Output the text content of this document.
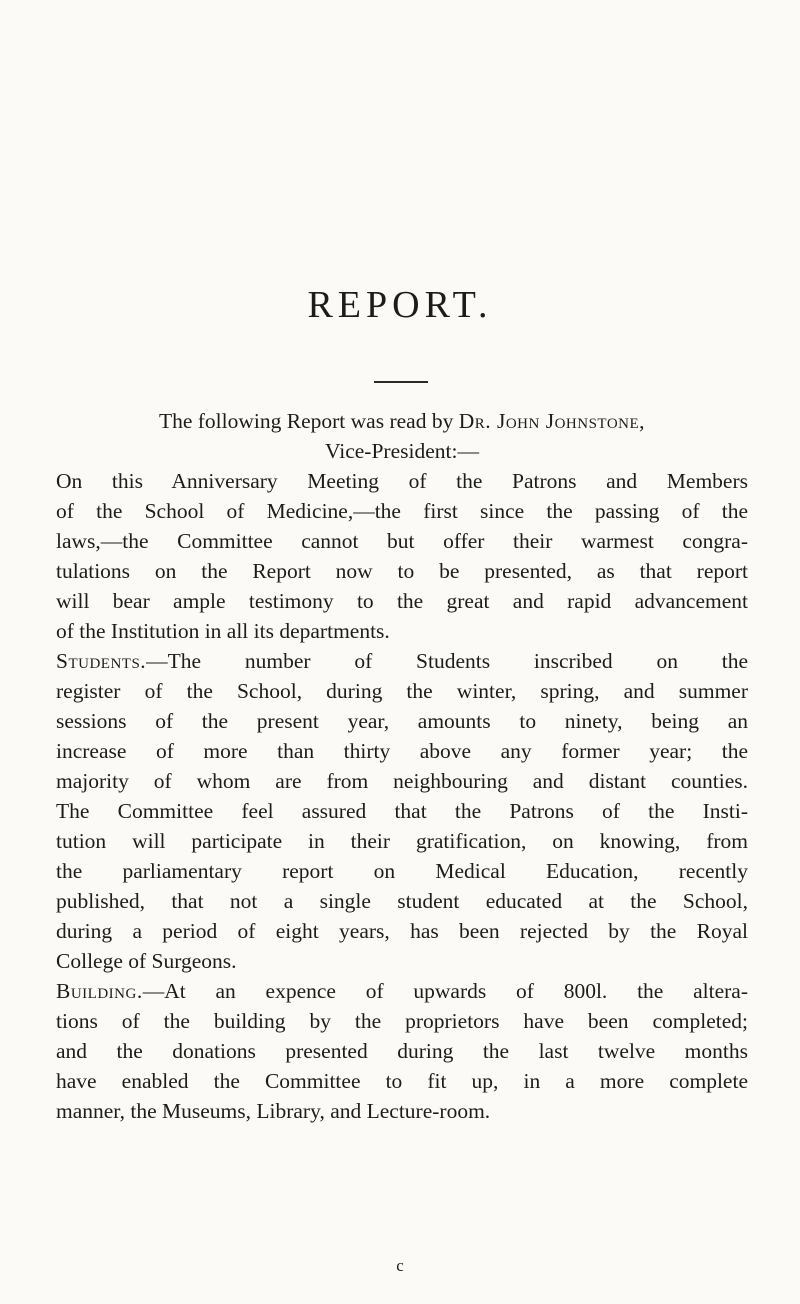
REPORT.
The following Report was read by Dr. John Johnstone,
Vice-President:—
On this Anniversary Meeting of the Patrons and Members
of the School of Medicine,—the first since the passing of the
laws,—the Committee cannot but offer their warmest congra-
tulations on the Report now to be presented, as that report
will bear ample testimony to the great and rapid advancement
of the Institution in all its departments.
Students.—The number of Students inscribed on the
register of the School, during the winter, spring, and summer
sessions of the present year, amounts to ninety, being an
increase of more than thirty above any former year; the
majority of whom are from neighbouring and distant counties.
The Committee feel assured that the Patrons of the Insti-
tution will participate in their gratification, on knowing, from
the parliamentary report on Medical Education, recently
published, that not a single student educated at the School,
during a period of eight years, has been rejected by the Royal
College of Surgeons.
Building.—At an expence of upwards of 800l. the altera-
tions of the building by the proprietors have been completed;
and the donations presented during the last twelve months
have enabled the Committee to fit up, in a more complete
manner, the Museums, Library, and Lecture-room.
c
